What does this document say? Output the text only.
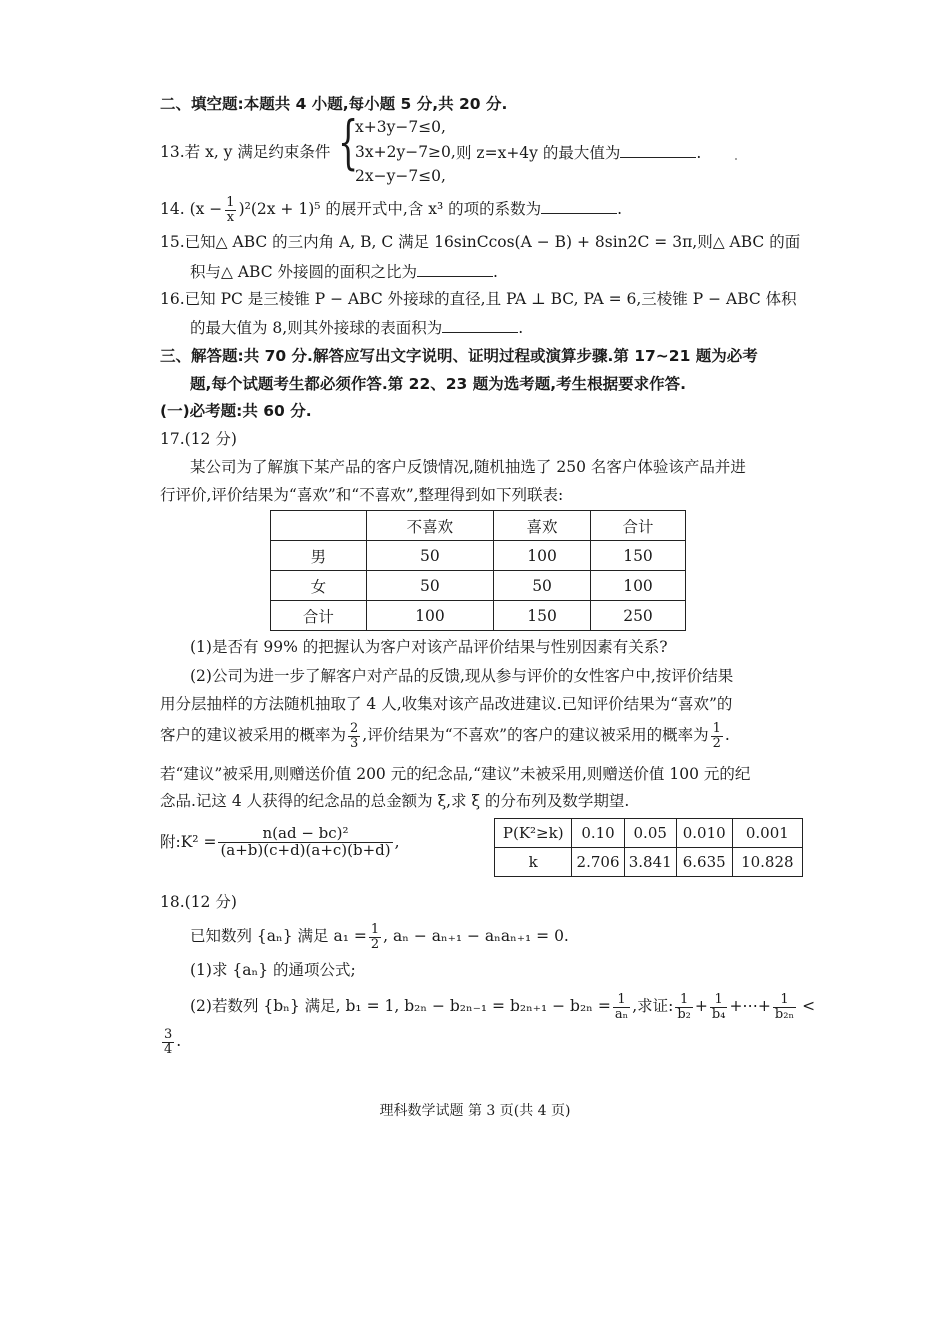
二、填空题:本题共 4 小题,每小题 5 分,共 20 分.
13.若 x, y 满足约束条件 {
x+3y−7≤0,
3x+2y−7≥0,
2x−y−7≤0,
则 z=x+4y 的最大值为	.
14. $(x - \frac{1}{x} )^2(2x + 1)^5$ 的展开式中,含 x³ 的项的系数为	.
15.已知△ ABC 的三内角 A, B, C 满足 16sinCcos(A − B) + 8sin2C = 3π,则△ ABC 的面
积与△ ABC 外接圆的面积之比为	.
16.已知 PC 是三棱锥 P − ABC 外接球的直径,且 PA ⊥ BC, PA = 6,三棱锥 P − ABC 体积
的最大值为 8,则其外接球的表面积为	.
三、解答题:共 70 分.解答应写出文字说明、证明过程或演算步骤.第 17~21 题为必考
题,每个试题考生都必须作答.第 22、23 题为选考题,考生根据要求作答.
(一)必考题:共 60 分.
17.(12 分)
某公司为了解旗下某产品的客户反馈情况,随机抽选了 250 名客户体验该产品并进
行评价,评价结果为“喜欢”和“不喜欢”,整理得到如下列联表:
	不喜欢	喜欢	合计
男	50	100	150
女	50	50	100
合计	100	150	250
(1)是否有 99% 的把握认为客户对该产品评价结果与性别因素有关系?
(2)公司为进一步了解客户对产品的反馈,现从参与评价的女性客户中,按评价结果
用分层抽样的方法随机抽取了 4 人,收集对该产品改进建议.已知评价结果为“喜欢”的
客户的建议被采用的概率为 $\frac{2}{3}$ ,评价结果为“不喜欢”的客户的建议被采用的概率为 $\frac{1}{2}$ .
若“建议”被采用,则赠送价值 200 元的纪念品,“建议”未被采用,则赠送价值 100 元的纪
念品.记这 4 人获得的纪念品的总金额为 ξ,求 ξ 的分布列及数学期望.
附:K² = $\frac{\text{n(ad − bc)²}}{(a+b)(c+d)(a+c)(b+d)}$ ,	P(K²≥k)	0.10	0.05	0.010	0.001
k	2.706	3.841	6.635	10.828
18.(12 分)
已知数列 {aₙ} 满足 $a_1 = \frac{1}{2}$ , aₙ − aₙ₊₁ − aₙaₙ₊₁ = 0.
(1)求 {aₙ} 的通项公式;
(2)若数列 {bₙ} 满足, b₁ = 1, $b_{2n} - b_{2n-1} = b_{2n+1} - b_{2n} = \frac{1}{\text{aₙ}}$ ,求证: $\frac{1}{\text{b₂}} + \frac{1}{\text{b₄}}$ +⋯+ $\frac{1}{\text{b₂ₙ}}$ <
$\frac{3}{4}$ .
理科数学试题 第 3 页(共 4 页)
